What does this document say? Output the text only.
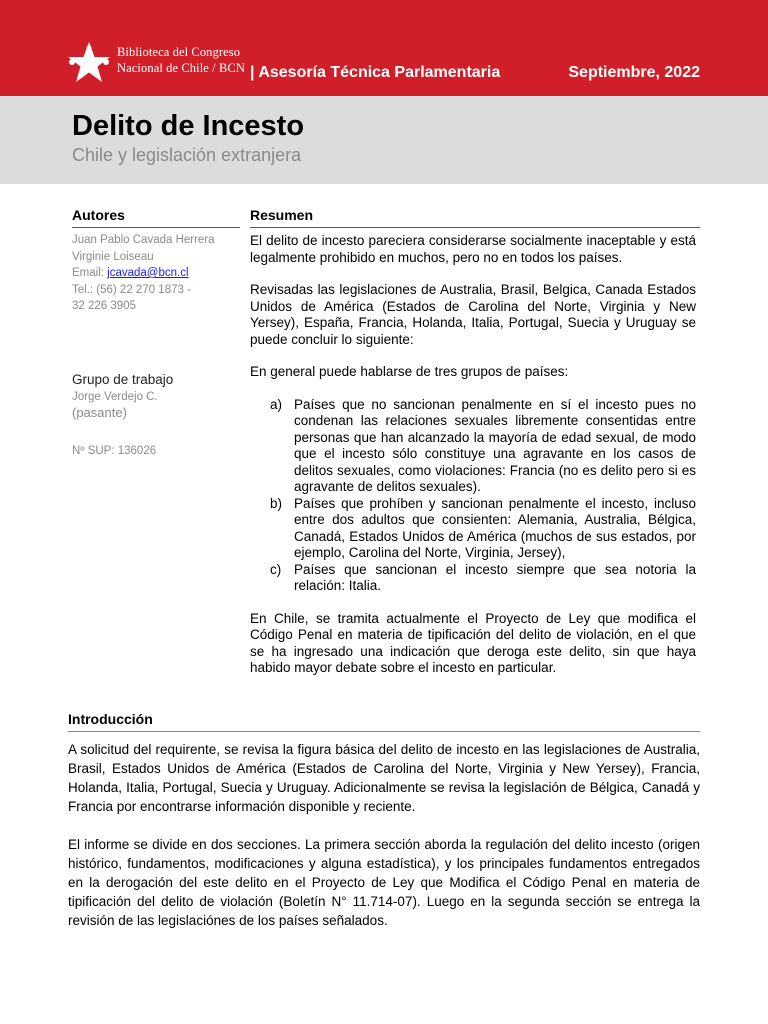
Biblioteca del Congreso
Nacional de Chile / BCN | Asesoría Técnica Parlamentaria	Septiembre, 2022
Delito de Incesto
Chile y legislación extranjera
Autores	Resumen
Juan Pablo Cavada Herrera
Virginie Loiseau
Email: jcavada@bcn.cl
Tel.: (56) 22 270 1873 -
32 226 3905
Grupo de trabajo
Jorge Verdejo C.
(pasante)
Nº SUP: 136026

El delito de incesto pareciera considerarse socialmente inaceptable y está legalmente prohibido en muchos, pero no en todos los países.

Revisadas las legislaciones de Australia, Brasil, Belgica, Canada Estados Unidos de América (Estados de Carolina del Norte, Virginia y New Yersey), España, Francia, Holanda, Italia, Portugal, Suecia y Uruguay se puede concluir lo siguiente:

En general puede hablarse de tres grupos de países:

a) Países que no sancionan penalmente en sí el incesto pues no condenan las relaciones sexuales libremente consentidas entre personas que han alcanzado la mayoría de edad sexual, de modo que el incesto sólo constituye una agravante en los casos de delitos sexuales, como violaciones: Francia (no es delito pero si es agravante de delitos sexuales).
b) Países que prohíben y sancionan penalmente el incesto, incluso entre dos adultos que consienten: Alemania, Australia, Bélgica, Canadá, Estados Unidos de América (muchos de sus estados, por ejemplo, Carolina del Norte, Virginia, Jersey),
c) Países que sancionan el incesto siempre que sea notoria la relación: Italia.

En Chile, se tramita actualmente el Proyecto de Ley que modifica el Código Penal en materia de tipificación del delito de violación, en el que se ha ingresado una indicación que deroga este delito, sin que haya habido mayor debate sobre el incesto en particular.

Introducción

A solicitud del requirente, se revisa la figura básica del delito de incesto en las legislaciones de Australia, Brasil, Estados Unidos de América (Estados de Carolina del Norte, Virginia y New Yersey), Francia, Holanda, Italia, Portugal, Suecia y Uruguay. Adicionalmente se revisa la legislación de Bélgica, Canadá y Francia por encontrarse información disponible y reciente.

El informe se divide en dos secciones. La primera sección aborda la regulación del delito incesto (origen histórico, fundamentos, modificaciones y alguna estadística), y los principales fundamentos entregados en la derogación del este delito en el Proyecto de Ley que Modifica el Código Penal en materia de tipificación del delito de violación (Boletín N° 11.714-07). Luego en la segunda sección se entrega la revisión de las legislaciónes de los países señalados.
